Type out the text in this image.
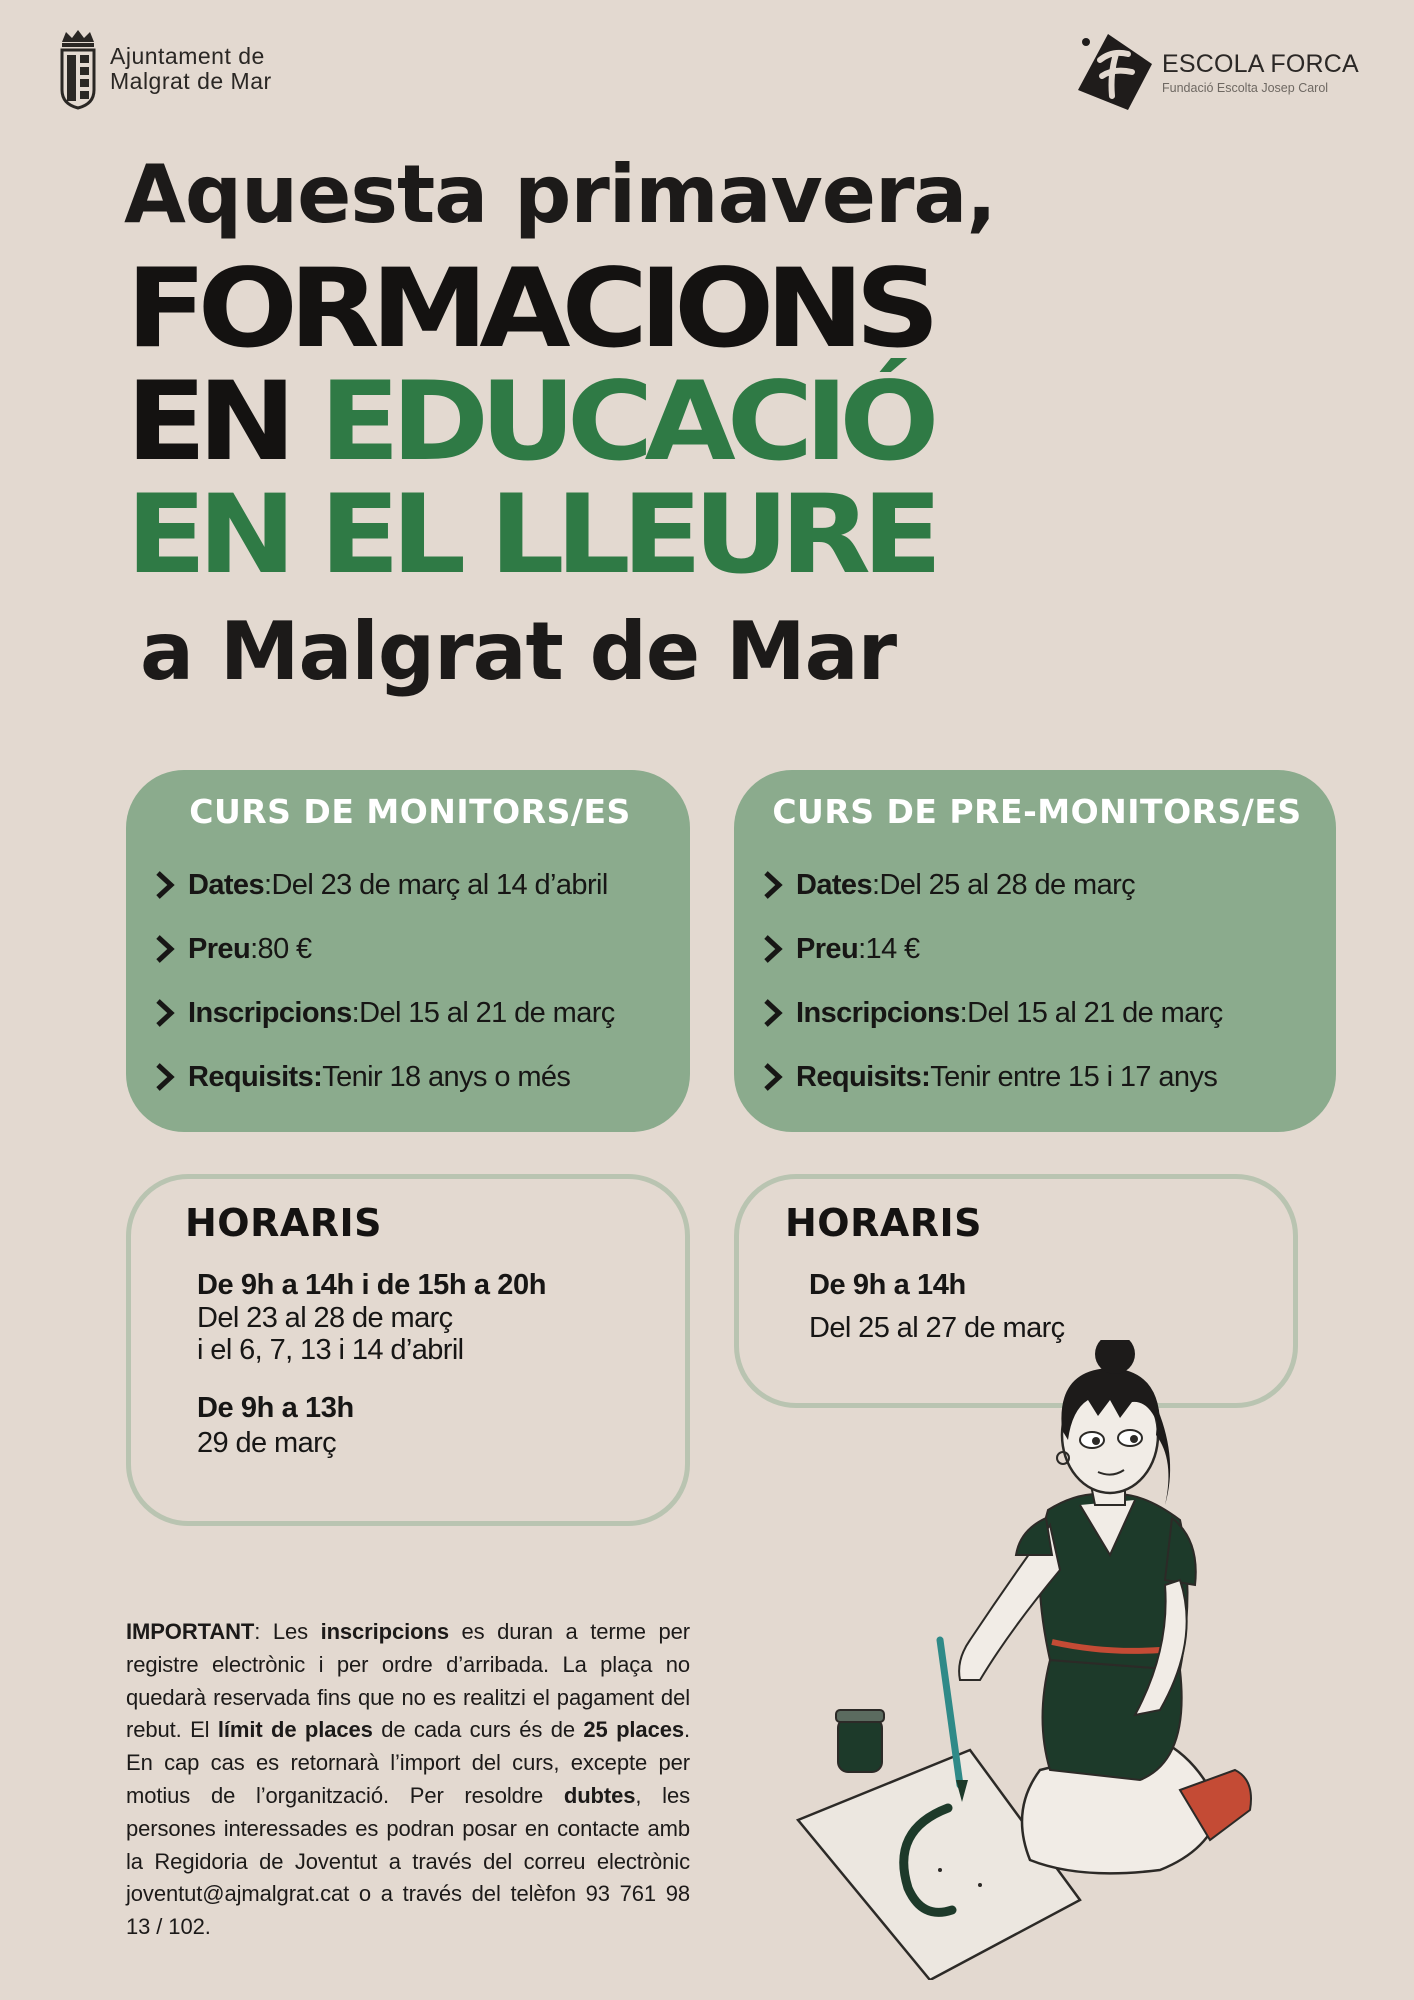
Ajuntament de
Malgrat de Mar
ESCOLA FORCA
Fundació Escolta Josep Carol
Aquesta primavera,
FORMACIONS
EN EDUCACIÓ
EN EL LLEURE
a Malgrat de Mar
CURS DE MONITORS/ES
Dates : Del 23 de març al 14 d’abril
Preu : 80 €
Inscripcions : Del 15 al 21 de març
Requisits: Tenir 18 anys o més
CURS DE PRE-MONITORS/ES
Dates : Del 25 al 28 de març
Preu : 14 €
Inscripcions : Del 15 al 21 de març
Requisits: Tenir entre 15 i 17 anys
HORARIS
De 9h a 14h i de 15h a 20h
Del 23 al 28 de març
i el 6, 7, 13 i 14 d’abril
De 9h a 13h
29 de març
HORARIS
De 9h a 14h
Del 25 al 27 de març
IMPORTANT: Les inscripcions es duran a terme per registre electrònic i per ordre d’arribada. La plaça no quedarà reservada fins que no es realitzi el pagament del rebut. El límit de places de cada curs és de 25 places. En cap cas es retornarà l’import del curs, excepte per motius de l’organització. Per resoldre dubtes, les persones interessades es podran posar en contacte amb la Regidoria de Joventut a través del correu electrònic joventut@ajmalgrat.cat o a través del telèfon 93 761 98 13 / 102.
